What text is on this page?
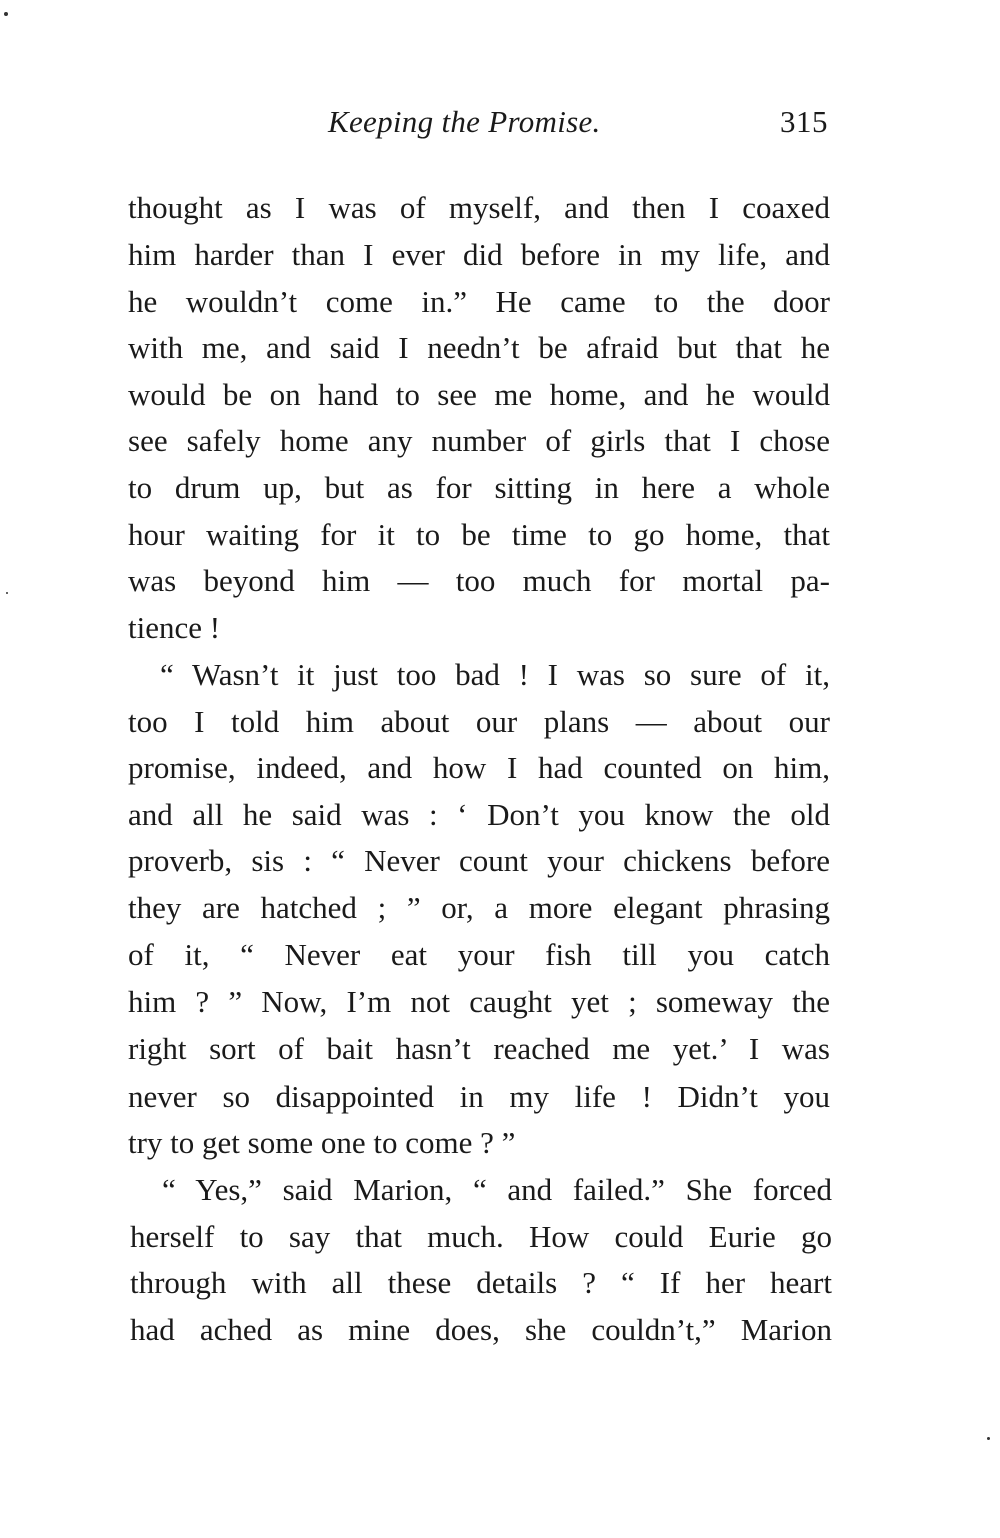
Keeping the Promise.	315
thought as I was of myself, and then I coaxed
him harder than I ever did before in my life, and
he wouldn’t come in.” He came to the door
with me, and said I needn’t be afraid but that he
would be on hand to see me home, and he would
see safely home any number of girls that I chose
to drum up, but as for sitting in here a whole
hour waiting for it to be time to go home, that
was beyond him — too much for mortal pa-
tience !
“ Wasn’t it just too bad ! I was so sure of it,
too I told him about our plans — about our
promise, indeed, and how I had counted on him,
and all he said was : ‘ Don’t you know the old
proverb, sis : “ Never count your chickens before
they are hatched ; ” or, a more elegant phrasing
of it, “ Never eat your fish till you catch
him ? ” Now, I’m not caught yet ; someway the
right sort of bait hasn’t reached me yet.’ I was
never so disappointed in my life ! Didn’t you
try to get some one to come ? ”
“ Yes,” said Marion, “ and failed.” She forced
herself to say that much. How could Eurie go
through with all these details ? “ If her heart
had ached as mine does, she couldn’t,” Marion
